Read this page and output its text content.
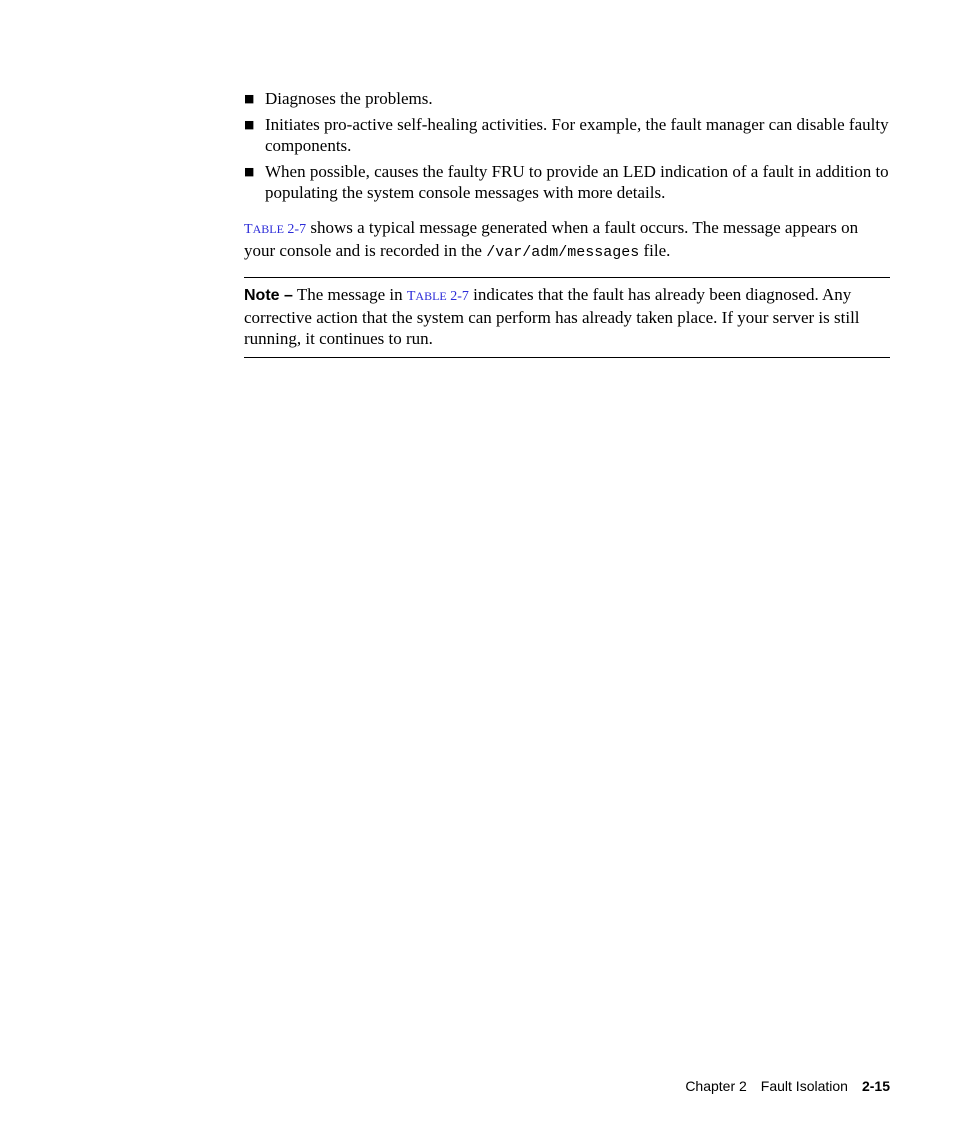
■ Diagnoses the problems.
■ Initiates pro-active self-healing activities. For example, the fault manager can disable faulty components.
■ When possible, causes the faulty FRU to provide an LED indication of a fault in addition to populating the system console messages with more details.

TABLE 2-7 shows a typical message generated when a fault occurs. The message appears on your console and is recorded in the /var/adm/messages file.

Note – The message in TABLE 2-7 indicates that the fault has already been diagnosed. Any corrective action that the system can perform has already taken place. If your server is still running, it continues to run.
Chapter 2 Fault Isolation 2-15
